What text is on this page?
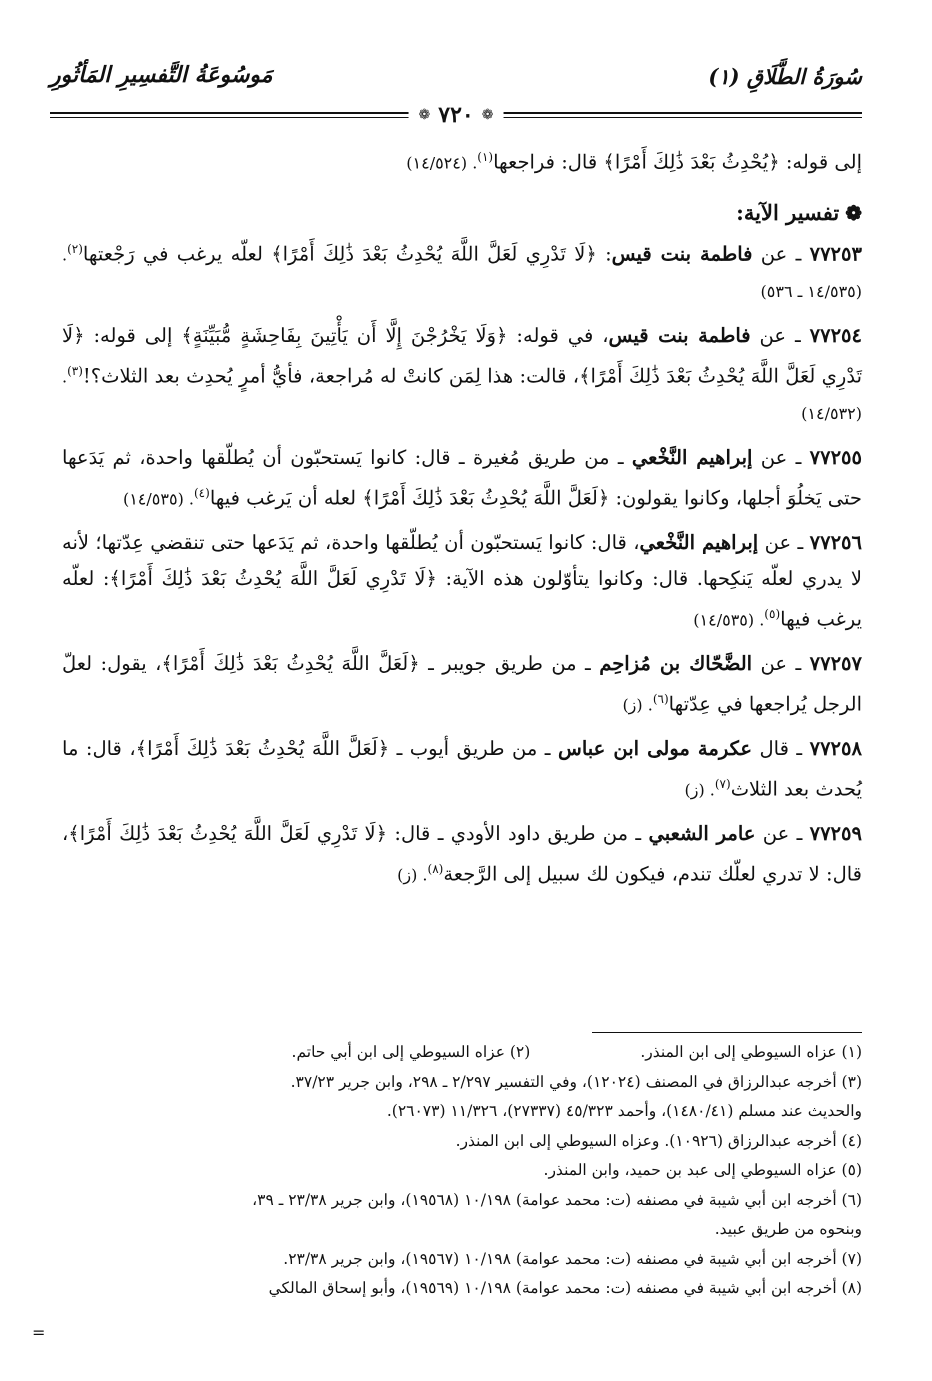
سُورَةُ الطَّلَاقِ (١)
مَوسُوعَةُ التَّفسِيرِ المَأثُورِ
❁
٧٢٠
❁

إلى قوله: ﴿يُحْدِثُ بَعْدَ ذَٰلِكَ أَمْرًا﴾ قال: فراجعها$^{(١)}$. (١٤/٥٢٤)

❁تفسير الآية:

٧٧٢٥٣ ـ عن فاطمة بنت قيس: ﴿لَا تَدْرِي لَعَلَّ اللَّهَ يُحْدِثُ بَعْدَ ذَٰلِكَ أَمْرًا﴾ لعلّه يرغب في رَجْعتها$^{(٢)}$. (١٤/٥٣٥ ـ ٥٣٦)
٧٧٢٥٤ ـ عن فاطمة بنت قيس، في قوله: ﴿وَلَا يَخْرُجْنَ إِلَّا أَن يَأْتِينَ بِفَاحِشَةٍ مُّبَيِّنَةٍ﴾ إلى قوله: ﴿لَا تَدْرِي لَعَلَّ اللَّهَ يُحْدِثُ بَعْدَ ذَٰلِكَ أَمْرًا﴾، قالت: هذا لِمَن كانتْ له مُراجعة، فأيُّ أمرٍ يُحدِث بعد الثلاث؟!$^{(٣)}$. (١٤/٥٣٢)
٧٧٢٥٥ ـ عن إبراهيم النَّخْعي ـ من طريق مُغيرة ـ قال: كانوا يَستحبّون أن يُطلّقها واحدة، ثم يَدَعها حتى يَخلُوَ أجلها، وكانوا يقولون: ﴿لَعَلَّ اللَّهَ يُحْدِثُ بَعْدَ ذَٰلِكَ أَمْرًا﴾ لعله أن يَرغب فيها$^{(٤)}$. (١٤/٥٣٥)
٧٧٢٥٦ ـ عن إبراهيم النَّخْعي، قال: كانوا يَستحبّون أن يُطلّقها واحدة، ثم يَدَعها حتى تنقضي عِدّتها؛ لأنه لا يدري لعلّه يَنكِحها. قال: وكانوا يتأوّلون هذه الآية: ﴿لَا تَدْرِي لَعَلَّ اللَّهَ يُحْدِثُ بَعْدَ ذَٰلِكَ أَمْرًا﴾: لعلّه يرغب فيها$^{(٥)}$. (١٤/٥٣٥)
٧٧٢٥٧ ـ عن الضَّحّاك بن مُزاحِم ـ من طريق جويبر ـ ﴿لَعَلَّ اللَّهَ يُحْدِثُ بَعْدَ ذَٰلِكَ أَمْرًا﴾، يقول: لعلّ الرجل يُراجعها في عِدّتها$^{(٦)}$. (ز)
٧٧٢٥٨ ـ قال عكرمة مولى ابن عباس ـ من طريق أيوب ـ ﴿لَعَلَّ اللَّهَ يُحْدِثُ بَعْدَ ذَٰلِكَ أَمْرًا﴾، قال: ما يُحدث بعد الثلاث$^{(٧)}$. (ز)
٧٧٢٥٩ ـ عن عامر الشعبي ـ من طريق داود الأودي ـ قال: ﴿لَا تَدْرِي لَعَلَّ اللَّهَ يُحْدِثُ بَعْدَ ذَٰلِكَ أَمْرًا﴾، قال: لا تدري لعلّك تندم، فيكون لك سبيل إلى الرَّجعة$^{(٨)}$. (ز)

(١) عزاه السيوطي إلى ابن المنذر.
(٢) عزاه السيوطي إلى ابن أبي حاتم.

(٣) أخرجه عبدالرزاق في المصنف (١٢٠٢٤)، وفي التفسير ٢/٢٩٧ ـ ٢٩٨، وابن جرير ٣٧/٢٣.

والحديث عند مسلم (١٤٨٠/٤١)، وأحمد ٤٥/٣٢٣ (٢٧٣٣٧)، ١١/٣٢٦ (٢٦٠٧٣).

(٤) أخرجه عبدالرزاق (١٠٩٢٦). وعزاه السيوطي إلى ابن المنذر.

(٥) عزاه السيوطي إلى عبد بن حميد، وابن المنذر.

(٦) أخرجه ابن أبي شيبة في مصنفه (ت: محمد عوامة) ١٠/١٩٨ (١٩٥٦٨)، وابن جرير ٢٣/٣٨ ـ ٣٩،

وبنحوه من طريق عبيد.

(٧) أخرجه ابن أبي شيبة في مصنفه (ت: محمد عوامة) ١٠/١٩٨ (١٩٥٦٧)، وابن جرير ٢٣/٣٨.

(٨) أخرجه ابن أبي شيبة في مصنفه (ت: محمد عوامة) ١٠/١٩٨ (١٩٥٦٩)، وأبو إسحاق المالكي

=
